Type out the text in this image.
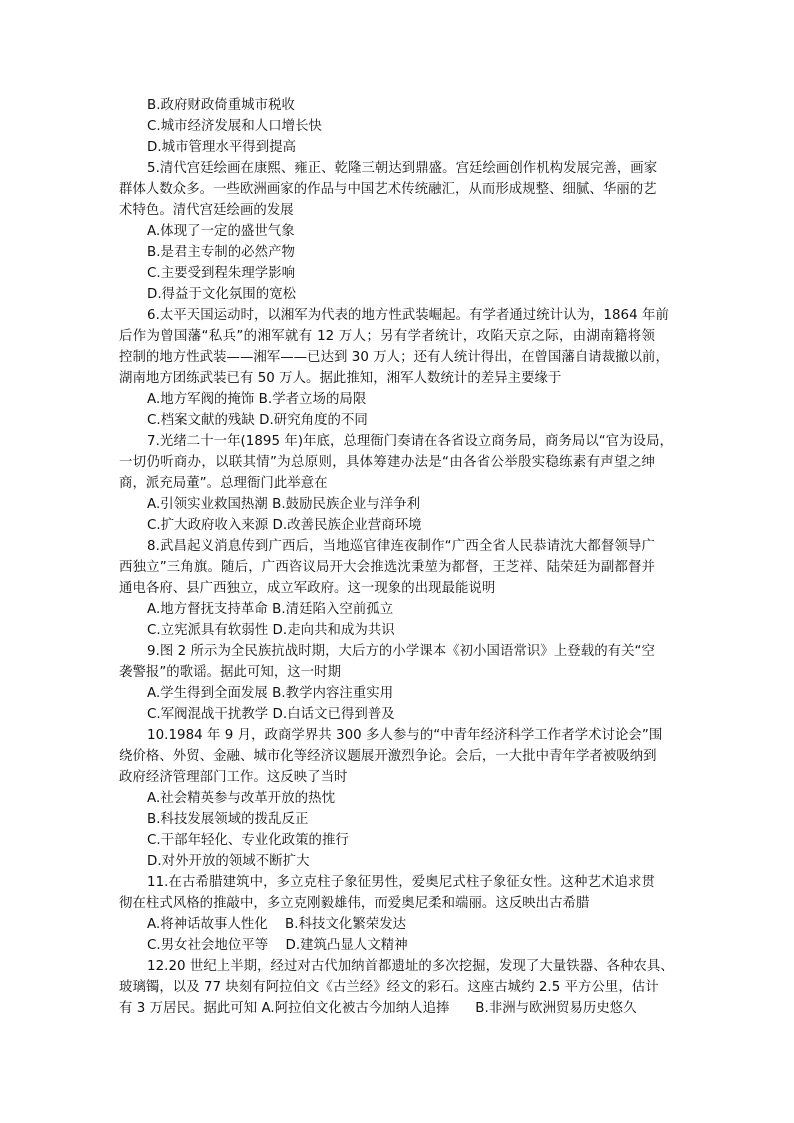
B.政府财政倚重城市税收
C.城市经济发展和人口增长快
D.城市管理水平得到提高
5.清代宫廷绘画在康熙、雍正、乾隆三朝达到鼎盛。宫廷绘画创作机构发展完善，画家
群体人数众多。一些欧洲画家的作品与中国艺术传统融汇，从而形成规整、细腻、华丽的艺
术特色。清代宫廷绘画的发展
A.体现了一定的盛世气象
B.是君主专制的必然产物
C.主要受到程朱理学影响
D.得益于文化氛围的宽松
6.太平天国运动时，以湘军为代表的地方性武装崛起。有学者通过统计认为，1864 年前
后作为曾国藩“私兵”的湘军就有 12 万人；另有学者统计，攻陷天京之际，由湖南籍将领
控制的地方性武装——湘军——已达到 30 万人；还有人统计得出，在曾国藩自请裁撤以前，
湖南地方团练武装已有 50 万人。据此推知，湘军人数统计的差异主要缘于
A.地方军阀的掩饰 B.学者立场的局限
C.档案文献的残缺 D.研究角度的不同
7.光绪二十一年(1895 年)年底，总理衙门奏请在各省设立商务局，商务局以“官为设局，
一切仍听商办，以联其情”为总原则，具体筹建办法是“由各省公举殷实稳练素有声望之绅
商，派充局董”。总理衙门此举意在
A.引领实业救国热潮 B.鼓励民族企业与洋争利
C.扩大政府收入来源 D.改善民族企业营商环境
8.武昌起义消息传到广西后，当地巡官律连夜制作“广西全省人民恭请沈大都督领导广
西独立”三角旗。随后，广西咨议局开大会推选沈秉堃为都督，王芝祥、陆荣廷为副都督并
通电各府、县广西独立，成立军政府。这一现象的出现最能说明
A.地方督抚支持革命 B.清廷陷入空前孤立
C.立宪派具有软弱性 D.走向共和成为共识
9.图 2 所示为全民族抗战时期，大后方的小学课本《初小国语常识》上登载的有关“空
袭警报”的歌谣。据此可知，这一时期
A.学生得到全面发展 B.教学内容注重实用
C.军阀混战干扰教学 D.白话文已得到普及
10.1984 年 9 月，政商学界共 300 多人参与的“中青年经济科学工作者学术讨论会”围
绕价格、外贸、金融、城市化等经济议题展开激烈争论。会后，一大批中青年学者被吸纳到
政府经济管理部门工作。这反映了当时
A.社会精英参与改革开放的热忱
B.科技发展领域的拨乱反正
C.干部年轻化、专业化政策的推行
D.对外开放的领域不断扩大
11.在古希腊建筑中，多立克柱子象征男性，爱奥尼式柱子象征女性。这种艺术追求贯
彻在柱式风格的推敲中，多立克刚毅雄伟，而爱奥尼柔和端丽。这反映出古希腊
A.将神话故事人性化    B.科技文化繁荣发达
C.男女社会地位平等    D.建筑凸显人文精神
12.20 世纪上半期，经过对古代加纳首都遗址的多次挖掘，发现了大量铁器、各种农具、
玻璃镯，以及 77 块刻有阿拉伯文《古兰经》经文的彩石。这座古城约 2.5 平方公里，估计
有 3 万居民。据此可知 A.阿拉伯文化被古今加纳人追捧      B.非洲与欧洲贸易历史悠久
